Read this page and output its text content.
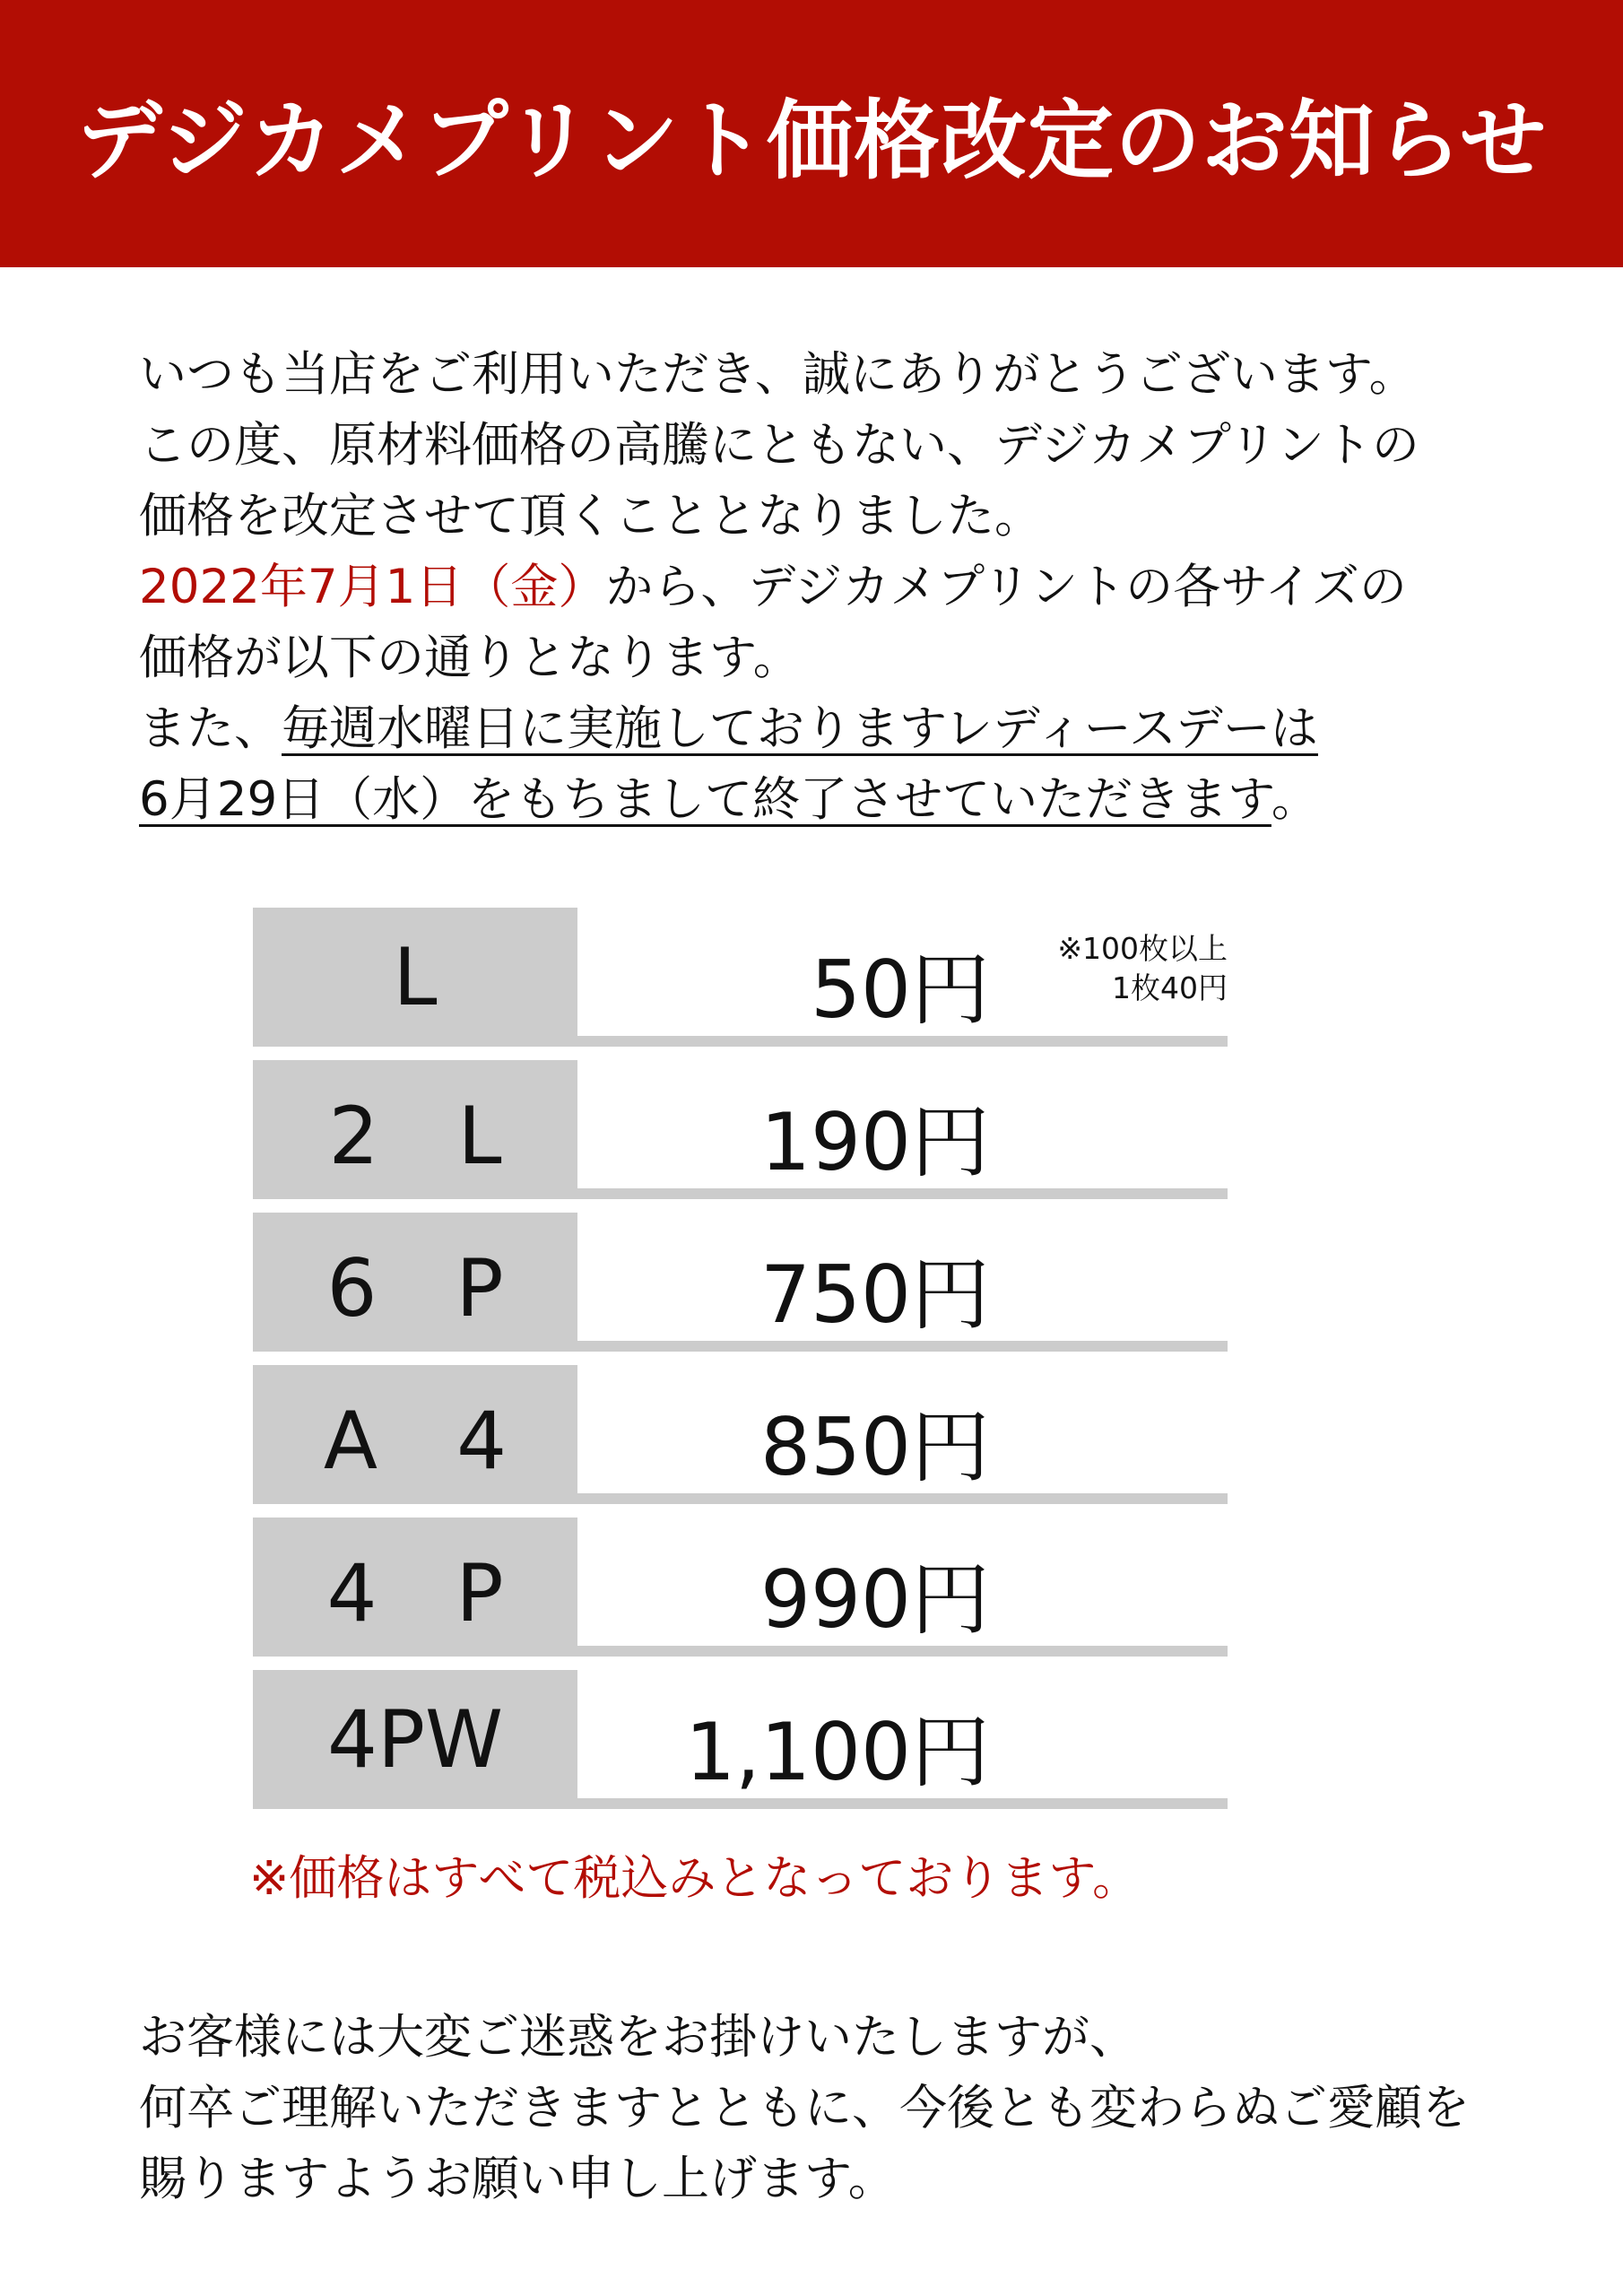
デジカメプリント価格改定のお知らせ
いつも当店をご利用いただき、誠にありがとうございます。
この度、原材料価格の高騰にともない、デジカメプリントの
価格を改定させて頂くこととなりました。
2022年7月1日（金）から、デジカメプリントの各サイズの
価格が以下の通りとなります。
また、毎週水曜日に実施しておりますレディースデーは
6月29日（水）をもちまして終了させていただきます。
L	50円 ※100枚以上
1枚40円
2　L	190円
6　P	750円
A　4	850円
4　P	990円
4PW 1,100円
※価格はすべて税込みとなっております。
お客様には大変ご迷惑をお掛けいたしますが、
何卒ご理解いただきますとともに、今後とも変わらぬご愛顧を
賜りますようお願い申し上げます。
